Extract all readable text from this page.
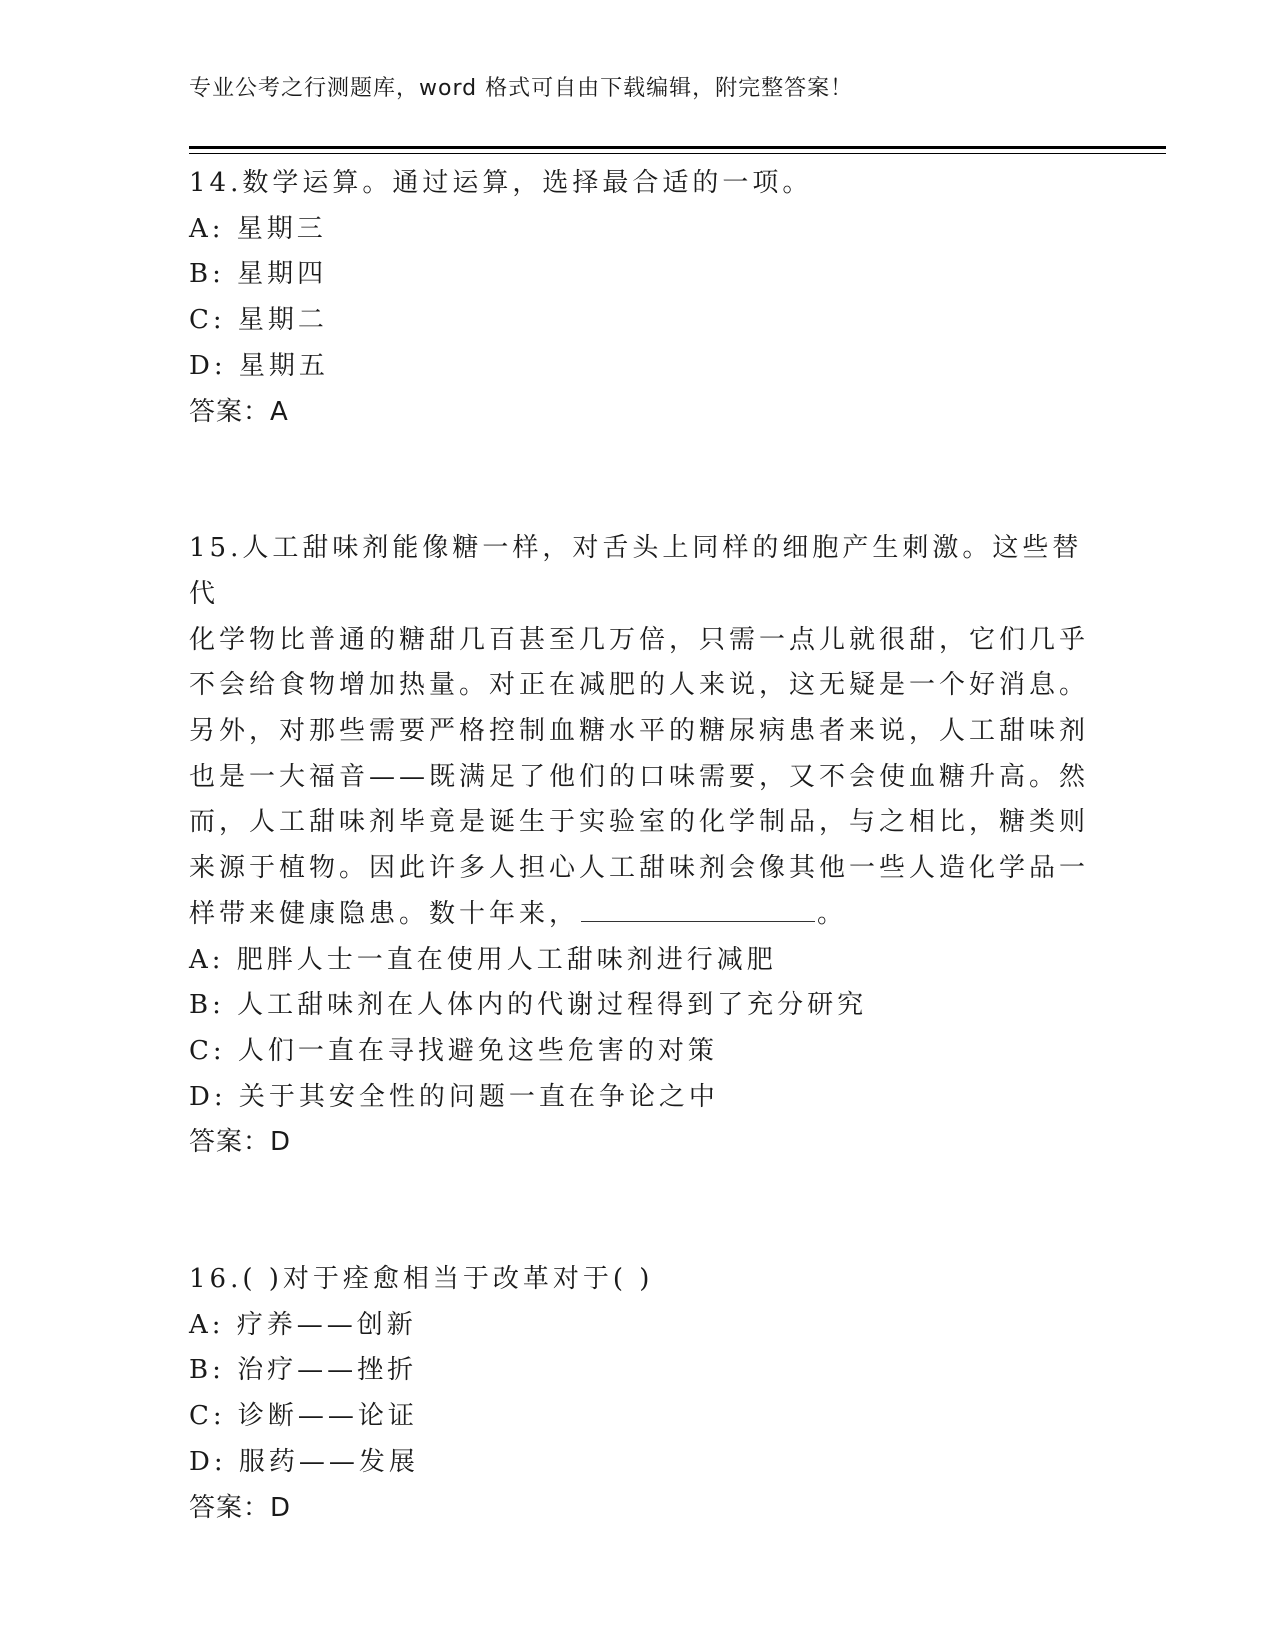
专业公考之行测题库，word 格式可自由下载编辑，附完整答案！

14.数学运算。通过运算，选择最合适的一项。

A: 星期三
B: 星期四
C: 星期二
D: 星期五

答案：A

15.人工甜味剂能像糖一样，对舌头上同样的细胞产生刺激。这些替代
化学物比普通的糖甜几百甚至几万倍，只需一点儿就很甜，它们几乎
不会给食物增加热量。对正在减肥的人来说，这无疑是一个好消息。
另外，对那些需要严格控制血糖水平的糖尿病患者来说，人工甜味剂
也是一大福音——既满足了他们的口味需要，又不会使血糖升高。然
而，人工甜味剂毕竟是诞生于实验室的化学制品，与之相比，糖类则
来源于植物。因此许多人担心人工甜味剂会像其他一些人造化学品一
样带来健康隐患。数十年来，	。
A: 肥胖人士一直在使用人工甜味剂进行减肥
B: 人工甜味剂在人体内的代谢过程得到了充分研究
C: 人们一直在寻找避免这些危害的对策
D: 关于其安全性的问题一直在争论之中

答案：D

16.( )对于痊愈相当于改革对于( )

A: 疗养——创新
B: 治疗——挫折
C: 诊断——论证
D: 服药——发展

答案：D
